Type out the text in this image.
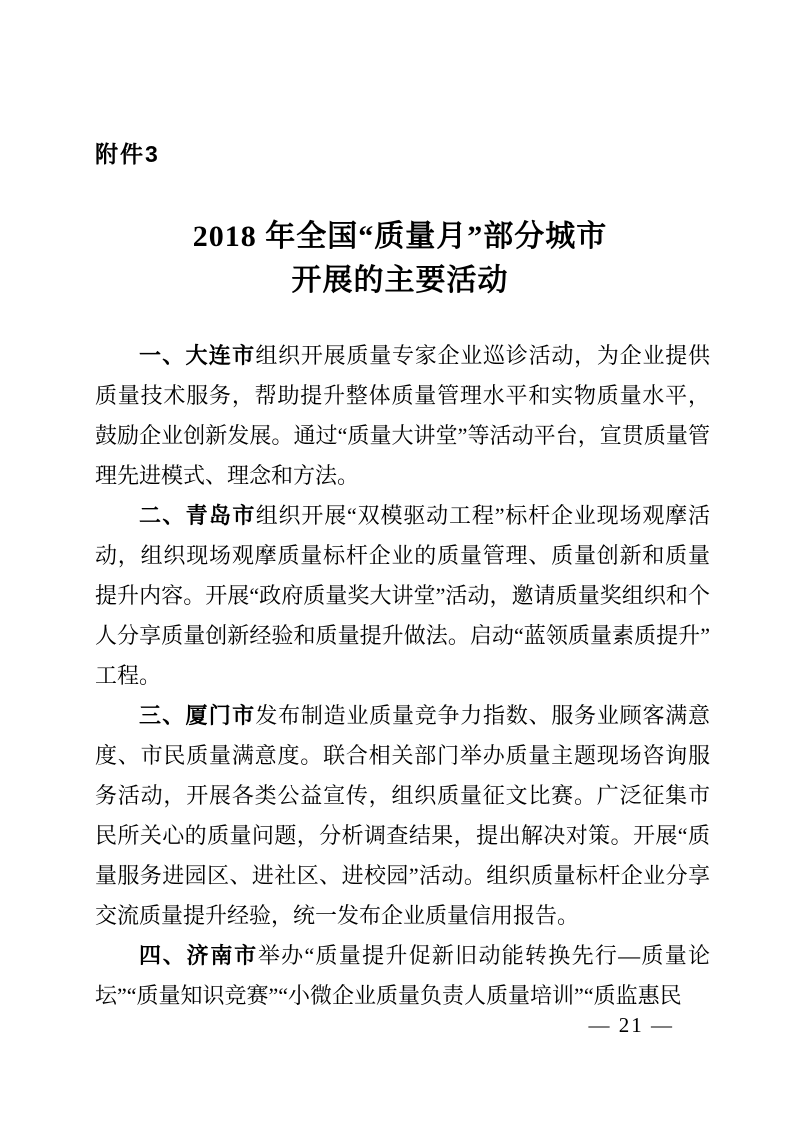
附件3
2018 年全国“质量月”部分城市
开展的主要活动

一、大连市组织开展质量专家企业巡诊活动，为企业提供质量技术服务，帮助提升整体质量管理水平和实物质量水平，鼓励企业创新发展。通过“质量大讲堂”等活动平台，宣贯质量管理先进模式、理念和方法。

二、青岛市组织开展“双模驱动工程”标杆企业现场观摩活动，组织现场观摩质量标杆企业的质量管理、质量创新和质量提升内容。开展“政府质量奖大讲堂”活动，邀请质量奖组织和个人分享质量创新经验和质量提升做法。启动“蓝领质量素质提升”工程。

三、厦门市发布制造业质量竞争力指数、服务业顾客满意度、市民质量满意度。联合相关部门举办质量主题现场咨询服务活动，开展各类公益宣传，组织质量征文比赛。广泛征集市民所关心的质量问题，分析调查结果，提出解决对策。开展“质量服务进园区、进社区、进校园”活动。组织质量标杆企业分享交流质量提升经验，统一发布企业质量信用报告。

四、济南市举办“质量提升促新旧动能转换先行—质量论坛”“质量知识竞赛”“小微企业质量负责人质量培训”“质监惠民

— 21 —
